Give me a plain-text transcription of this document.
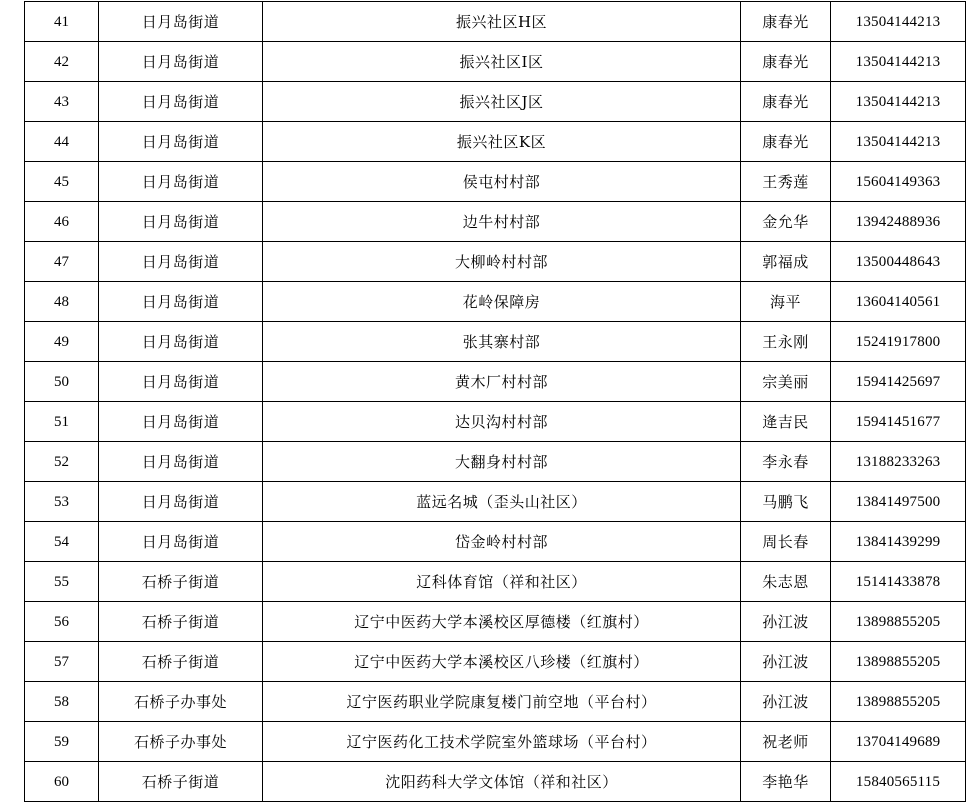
41	日月岛街道	振兴社区H区	康春光	13504144213
42	日月岛街道	振兴社区I区	康春光	13504144213
43	日月岛街道	振兴社区J区	康春光	13504144213
44	日月岛街道	振兴社区K区	康春光	13504144213
45	日月岛街道	侯屯村村部	王秀莲	15604149363
46	日月岛街道	边牛村村部	金允华	13942488936
47	日月岛街道	大柳岭村村部	郭福成	13500448643
48	日月岛街道	花岭保障房	海平	13604140561
49	日月岛街道	张其寨村部	王永刚	15241917800
50	日月岛街道	黄木厂村村部	宗美丽	15941425697
51	日月岛街道	达贝沟村村部	逄吉民	15941451677
52	日月岛街道	大翻身村村部	李永春	13188233263
53	日月岛街道	蓝远名城（歪头山社区）	马鹏飞	13841497500
54	日月岛街道	岱金岭村村部	周长春	13841439299
55	石桥子街道	辽科体育馆（祥和社区）	朱志恩	15141433878
56	石桥子街道	辽宁中医药大学本溪校区厚德楼（红旗村）	孙江波	13898855205
57	石桥子街道	辽宁中医药大学本溪校区八珍楼（红旗村）	孙江波	13898855205
58	石桥子办事处	辽宁医药职业学院康复楼门前空地（平台村）	孙江波	13898855205
59	石桥子办事处	辽宁医药化工技术学院室外篮球场（平台村）	祝老师	13704149689
60	石桥子街道	沈阳药科大学文体馆（祥和社区）	李艳华	15840565115
